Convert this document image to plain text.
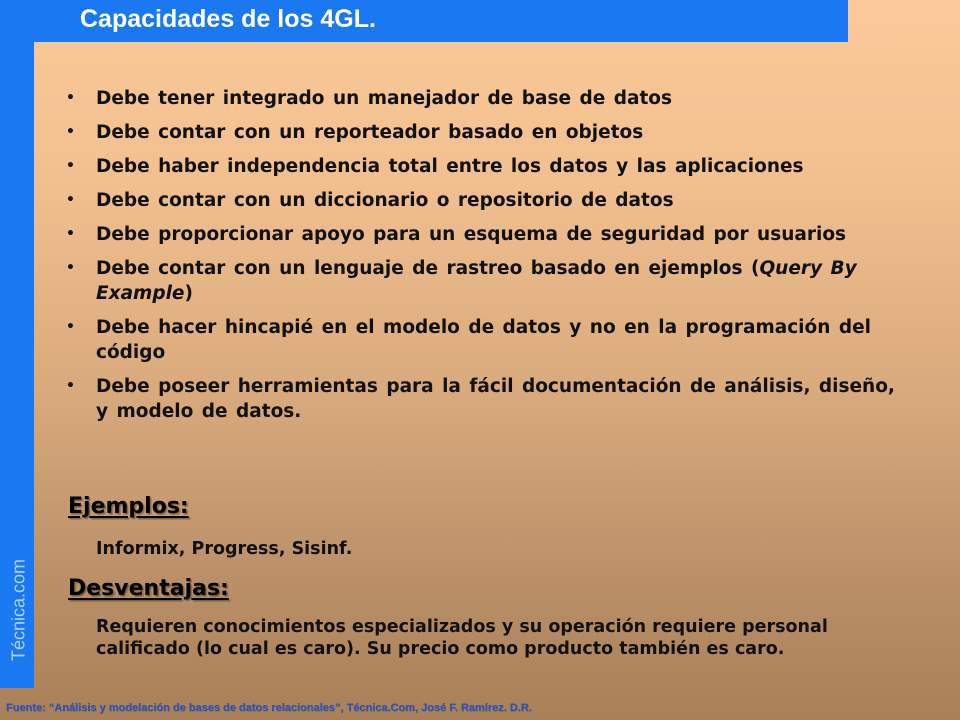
Técnica.com
Capacidades de los 4GL.
• Debe tener integrado un manejador de base de datos
• Debe contar con un reporteador basado en objetos
• Debe haber independencia total entre los datos y las aplicaciones
• Debe contar con un diccionario o repositorio de datos
• Debe proporcionar apoyo para un esquema de seguridad por usuarios
• Debe contar con un lenguaje de rastreo basado en ejemplos (Query By Example)
• Debe hacer hincapié en el modelo de datos y no en la programación del código
• Debe poseer herramientas para la fácil documentación de análisis, diseño, y modelo de datos.
Ejemplos:
Informix, Progress, Sisinf.
Desventajas:
Requieren conocimientos especializados y su operación requiere personal calificado (lo cual es caro). Su precio como producto también es caro.
Fuente: “Análisis y modelación de bases de datos relacionales”, Técnica.Com, José F. Ramírez. D.R.
